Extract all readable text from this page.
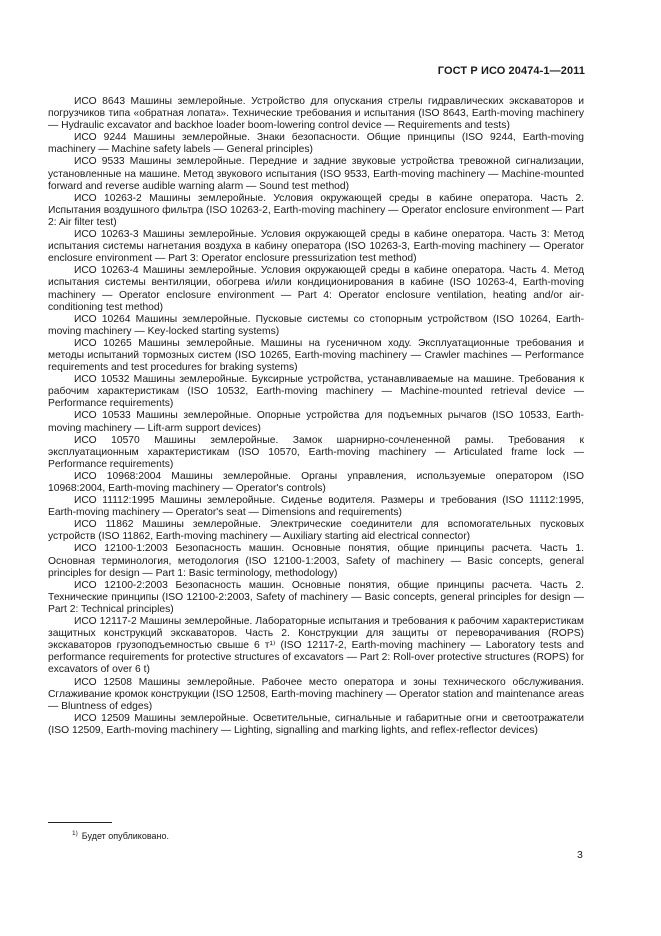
ГОСТ Р ИСО 20474-1—2011

ИСО 8643 Машины землеройные. Устройство для опускания стрелы гидравлических экскаваторов и погрузчиков типа «обратная лопата». Технические требования и испытания (ISO 8643, Earth-moving machinery — Hydraulic excavator and backhoe loader boom-lowering control device — Requirements and tests)

ИСО 9244 Машины землеройные. Знаки безопасности. Общие принципы (ISO 9244, Earth-moving machinery — Machine safety labels — General principles)

ИСО 9533 Машины землеройные. Передние и задние звуковые устройства тревожной сигнализации, установленные на машине. Метод звукового испытания (ISO 9533, Earth-moving machinery — Machine-mounted forward and reverse audible warning alarm — Sound test method)

ИСО 10263-2 Машины землеройные. Условия окружающей среды в кабине оператора. Часть 2. Испытания воздушного фильтра (ISO 10263-2, Earth-moving machinery — Operator enclosure environment — Part 2: Air filter test)

ИСО 10263-3 Машины землеройные. Условия окружающей среды в кабине оператора. Часть 3: Метод испытания системы нагнетания воздуха в кабину оператора (ISO 10263-3, Earth-moving machinery — Operator enclosure environment — Part 3: Operator enclosure pressurization test method)

ИСО 10263-4 Машины землеройные. Условия окружающей среды в кабине оператора. Часть 4. Метод испытания системы вентиляции, обогрева и/или кондиционирования в кабине (ISO 10263-4, Earth-moving machinery — Operator enclosure environment — Part 4: Operator enclosure ventilation, heating and/or air-conditioning test method)

ИСО 10264 Машины землеройные. Пусковые системы со стопорным устройством (ISO 10264, Earth-moving machinery — Key-locked starting systems)

ИСО 10265 Машины землеройные. Машины на гусеничном ходу. Эксплуатационные требования и методы испытаний тормозных систем (ISO 10265, Earth-moving machinery — Crawler machines — Performance requirements and test procedures for braking systems)

ИСО 10532 Машины землеройные. Буксирные устройства, устанавливаемые на машине. Требования к рабочим характеристикам (ISO 10532, Earth-moving machinery — Machine-mounted retrieval device — Performance requirements)

ИСО 10533 Машины землеройные. Опорные устройства для подъемных рычагов (ISO 10533, Earth-moving machinery — Lift-arm support devices)

ИСО 10570 Машины землеройные. Замок шарнирно-сочлененной рамы. Требования к эксплуатационным характеристикам (ISO 10570, Earth-moving machinery — Articulated frame lock — Performance requirements)

ИСО 10968:2004 Машины землеройные. Органы управления, используемые оператором (ISO 10968:2004, Earth-moving machinery — Operator's controls)

ИСО 11112:1995 Машины землеройные. Сиденье водителя. Размеры и требования (ISO 11112:1995, Earth-moving machinery — Operator's seat — Dimensions and requirements)

ИСО 11862 Машины землеройные. Электрические соединители для вспомогательных пусковых устройств (ISO 11862, Earth-moving machinery — Auxiliary starting aid electrical connector)

ИСО 12100-1:2003 Безопасность машин. Основные понятия, общие принципы расчета. Часть 1. Основная терминология, методология (ISO 12100-1:2003, Safety of machinery — Basic concepts, general principles for design — Part 1: Basic terminology, methodology)

ИСО 12100-2:2003 Безопасность машин. Основные понятия, общие принципы расчета. Часть 2. Технические принципы (ISO 12100-2:2003, Safety of machinery — Basic concepts, general principles for design — Part 2: Technical principles)

ИСО 12117-2 Машины землеройные. Лабораторные испытания и требования к рабочим характеристикам защитных конструкций экскаваторов. Часть 2. Конструкции для защиты от переворачивания (ROPS) экскаваторов грузоподъемностью свыше 6 т¹⁾ (ISO 12117-2, Earth-moving machinery — Laboratory tests and performance requirements for protective structures of excavators — Part 2: Roll-over protective structures (ROPS) for excavators of over 6 t)

ИСО 12508 Машины землеройные. Рабочее место оператора и зоны технического обслуживания. Сглаживание кромок конструкции (ISO 12508, Earth-moving machinery — Operator station and maintenance areas — Bluntness of edges)

ИСО 12509 Машины землеройные. Осветительные, сигнальные и габаритные огни и светоотражатели (ISO 12509, Earth-moving machinery — Lighting, signalling and marking lights, and reflex-reflector devices)

$^{1)}$ Будет опубликовано.
3
